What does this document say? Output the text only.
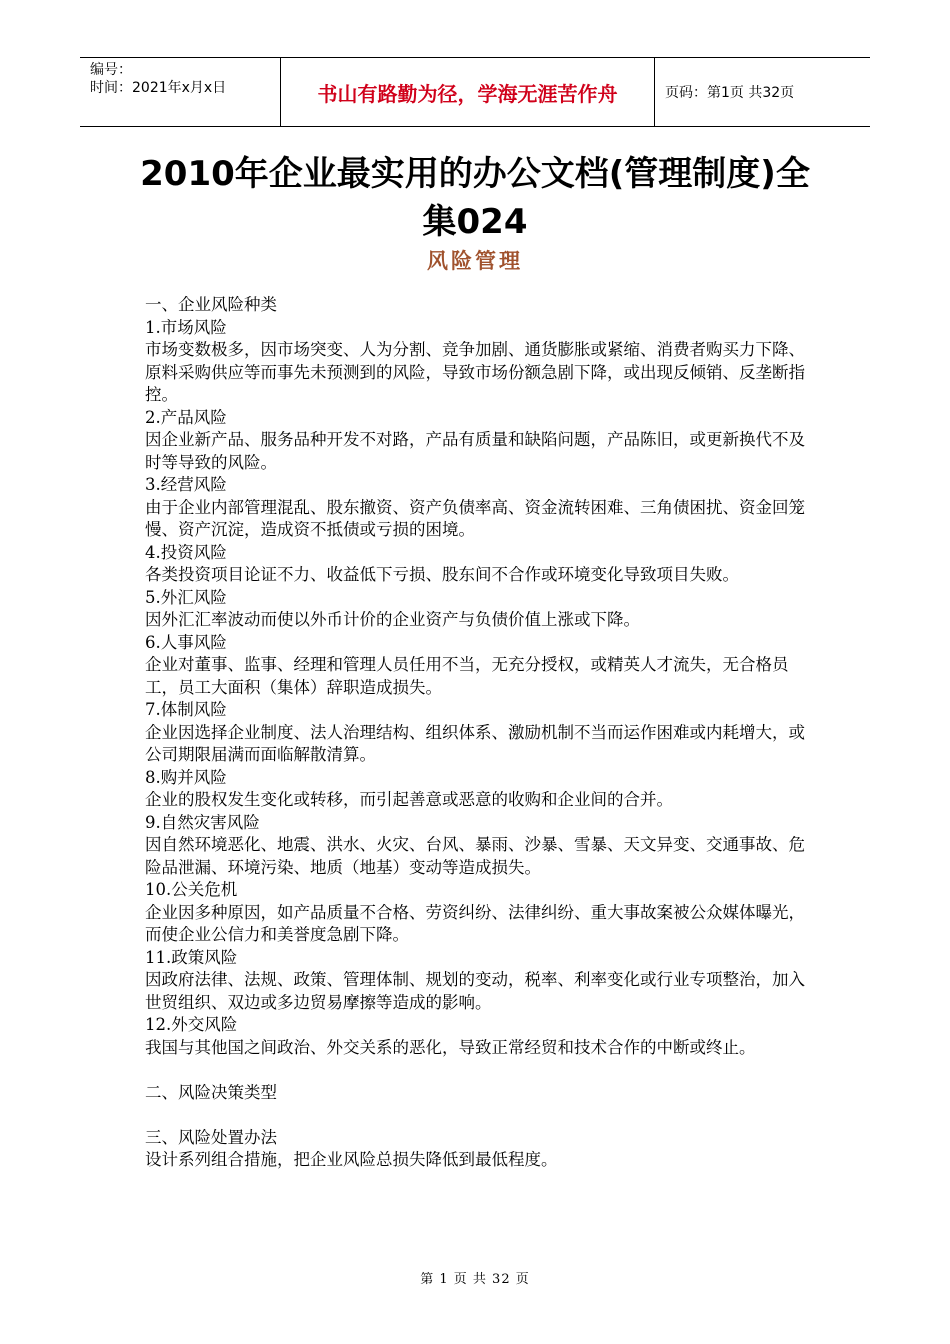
编号：
时间：2021年x月x日	书山有路勤为径，学海无涯苦作舟	页码：第1页 共32页
2010年企业最实用的办公文档(管理制度)全集024
风险管理

一、企业风险种类

1.市场风险

市场变数极多，因市场突变、人为分割、竞争加剧、通货膨胀或紧缩、消费者购买力下降、原料采购供应等而事先未预测到的风险，导致市场份额急剧下降，或出现反倾销、反垄断指控。

2.产品风险

因企业新产品、服务品种开发不对路，产品有质量和缺陷问题，产品陈旧，或更新换代不及时等导致的风险。

3.经营风险

由于企业内部管理混乱、股东撤资、资产负债率高、资金流转困难、三角债困扰、资金回笼慢、资产沉淀，造成资不抵债或亏损的困境。

4.投资风险

各类投资项目论证不力、收益低下亏损、股东间不合作或环境变化导致项目失败。

5.外汇风险

因外汇汇率波动而使以外币计价的企业资产与负债价值上涨或下降。

6.人事风险

企业对董事、监事、经理和管理人员任用不当，无充分授权，或精英人才流失，无合格员工，员工大面积（集体）辞职造成损失。

7.体制风险

企业因选择企业制度、法人治理结构、组织体系、激励机制不当而运作困难或内耗增大，或公司期限届满而面临解散清算。

8.购并风险

企业的股权发生变化或转移，而引起善意或恶意的收购和企业间的合并。

9.自然灾害风险

因自然环境恶化、地震、洪水、火灾、台风、暴雨、沙暴、雪暴、天文异变、交通事故、危险品泄漏、环境污染、地质（地基）变动等造成损失。

10.公关危机

企业因多种原因，如产品质量不合格、劳资纠纷、法律纠纷、重大事故案被公众媒体曝光，而使企业公信力和美誉度急剧下降。

11.政策风险

因政府法律、法规、政策、管理体制、规划的变动，税率、利率变化或行业专项整治，加入世贸组织、双边或多边贸易摩擦等造成的影响。

12.外交风险

我国与其他国之间政治、外交关系的恶化，导致正常经贸和技术合作的中断或终止。

二、风险决策类型

三、风险处置办法

设计系列组合措施，把企业风险总损失降低到最低程度。

第 1 页 共 32 页
